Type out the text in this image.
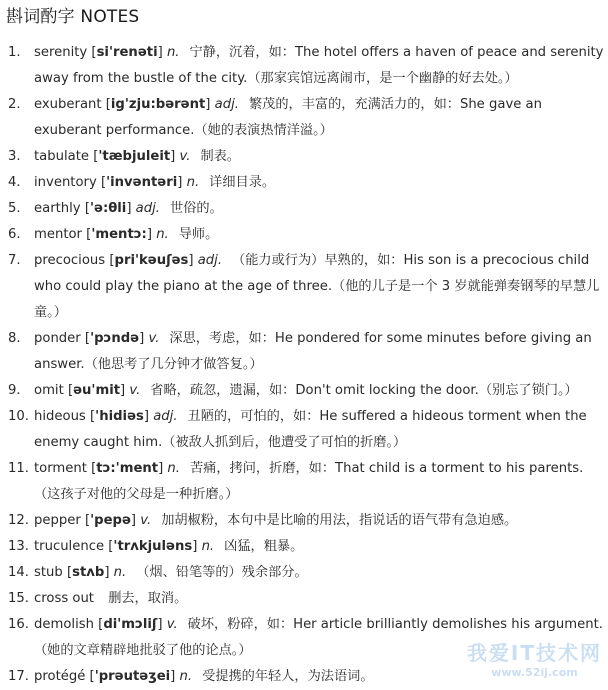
斟词酌字 NOTES
1.	serenity [si'renəti] n. 宁静，沉着，如：The hotel offers a haven of peace and serenity away from the bustle of the city.（那家宾馆远离闹市，是一个幽静的好去处。）
2.	exuberant [ig'zju:bərənt] adj. 繁茂的，丰富的，充满活力的，如：She gave an exuberant performance.（她的表演热情洋溢。）
3.	tabulate ['tæbjuleit] v. 制表。
4.	inventory ['invəntəri] n. 详细目录。
5.	earthly ['ə:θli] adj. 世俗的。
6.	mentor ['mentɔ:] n. 导师。
7.	precocious [pri'kəuʃəs] adj. （能力或行为）早熟的，如：His son is a precocious child who could play the piano at the age of three.（他的儿子是一个 3 岁就能弹奏钢琴的早慧儿童。）
8.	ponder ['pɔndə] v. 深思，考虑，如：He pondered for some minutes before giving an answer.（他思考了几分钟才做答复。）
9.	omit [əu'mit] v. 省略，疏忽，遗漏，如：Don't omit locking the door.（别忘了锁门。）
10. hideous ['hidiəs] adj. 丑陋的，可怕的，如：He suffered a hideous torment when the enemy caught him.（被敌人抓到后，他遭受了可怕的折磨。）
11. torment [tɔ:'ment] n. 苦痛，拷问，折磨，如：That child is a torment to his parents.（这孩子对他的父母是一种折磨。）
12. pepper ['pepə] v. 加胡椒粉，本句中是比喻的用法，指说话的语气带有急迫感。
13. truculence ['trʌkjuləns] n. 凶猛，粗暴。
14. stub [stʌb] n. （烟、铅笔等的）残余部分。
15. cross out 删去，取消。
16. demolish [di'mɔliʃ] v. 破坏，粉碎，如：Her article brilliantly demolishes his argument.（她的文章精辟地批驳了他的论点。）
17. protégé ['prəutəʒei] n. 受提携的年轻人，为法语词。
我爱IT技术网
www.52ij.com
